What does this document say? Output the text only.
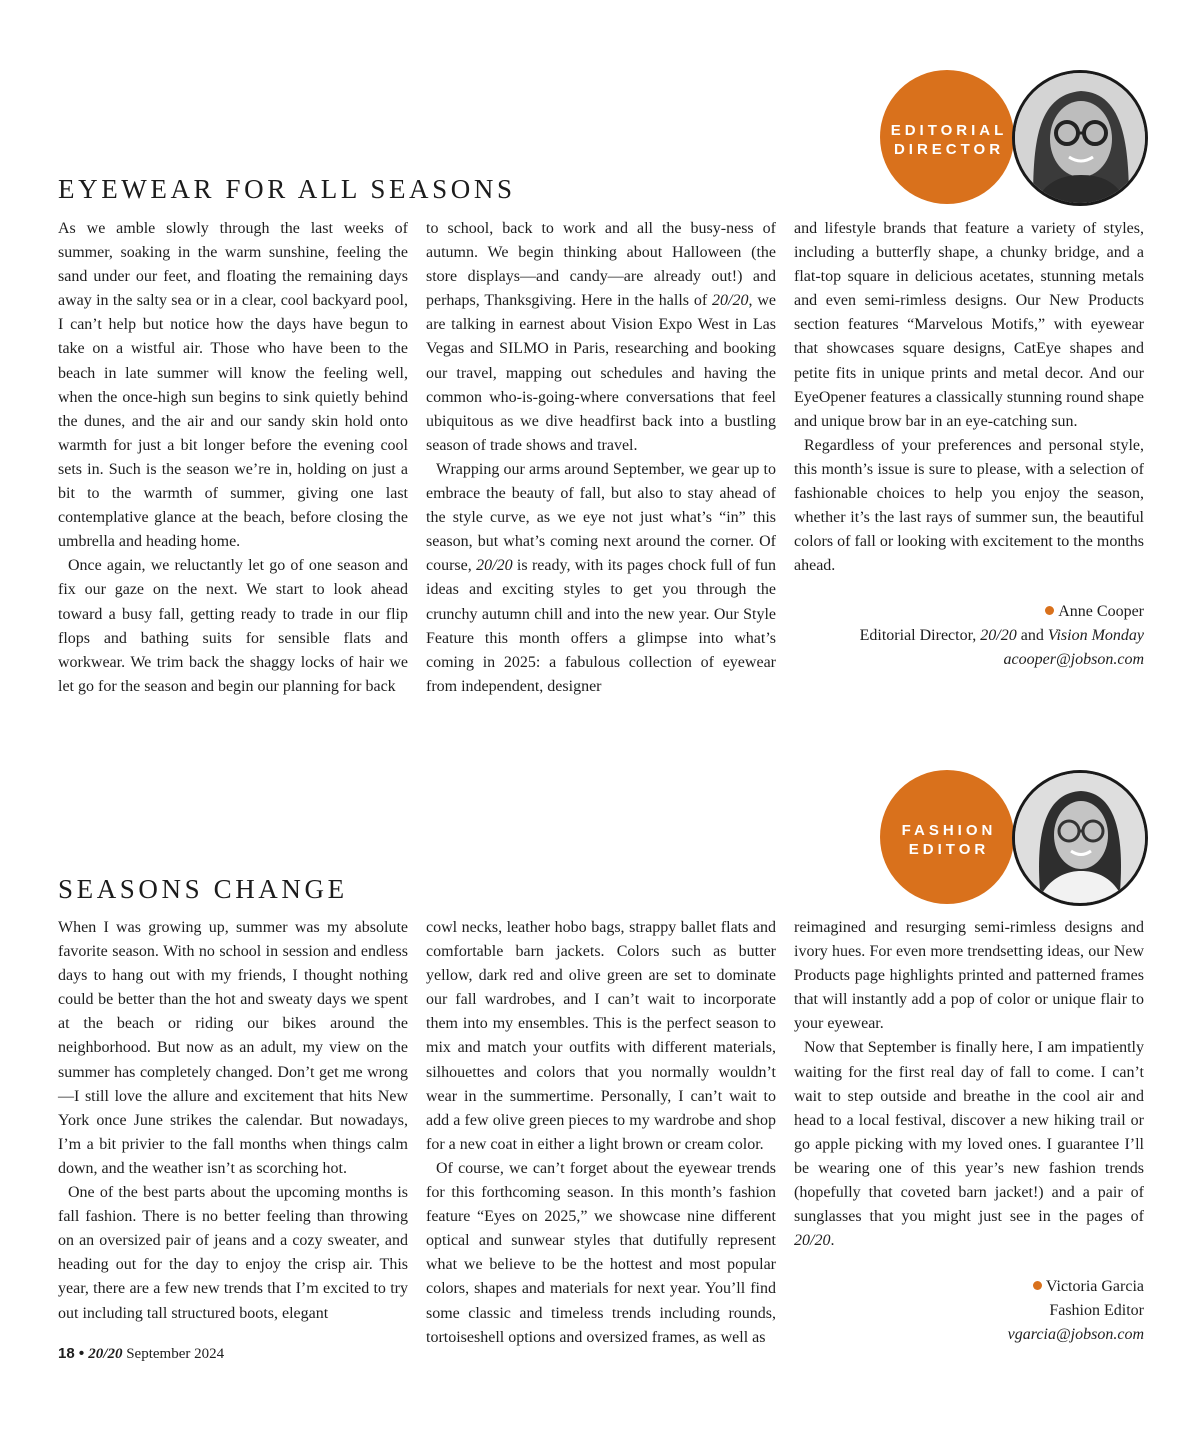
EDITORIAL
DIRECTOR
EYEWEAR FOR ALL SEASONS

As we amble slowly through the last weeks of summer, soaking in the warm sunshine, feeling the sand under our feet, and floating the remaining days away in the salty sea or in a clear, cool backyard pool, I can’t help but notice how the days have begun to take on a wistful air. Those who have been to the beach in late summer will know the feeling well, when the once-high sun begins to sink quietly behind the dunes, and the air and our sandy skin hold onto warmth for just a bit longer before the evening cool sets in. Such is the season we’re in, holding on just a bit to the warmth of summer, giving one last contemplative glance at the beach, before closing the umbrella and heading home.

Once again, we reluctantly let go of one season and fix our gaze on the next. We start to look ahead toward a busy fall, getting ready to trade in our flip flops and bathing suits for sensible flats and workwear. We trim back the shaggy locks of hair we let go for the season and begin our planning for back

to school, back to work and all the busy-ness of autumn. We begin thinking about Halloween (the store displays—and candy—are already out!) and perhaps, Thanksgiving. Here in the halls of 20/20, we are talking in earnest about Vision Expo West in Las Vegas and SILMO in Paris, researching and booking our travel, mapping out schedules and having the common who-is-going-where conversations that feel ubiquitous as we dive headfirst back into a bustling season of trade shows and travel.

Wrapping our arms around September, we gear up to embrace the beauty of fall, but also to stay ahead of the style curve, as we eye not just what’s “in” this season, but what’s coming next around the corner. Of course, 20/20 is ready, with its pages chock full of fun ideas and exciting styles to get you through the crunchy autumn chill and into the new year. Our Style Feature this month offers a glimpse into what’s coming in 2025: a fabulous collection of eyewear from independent, designer

and lifestyle brands that feature a variety of styles, including a butterfly shape, a chunky bridge, and a flat-top square in delicious acetates, stunning metals and even semi-rimless designs. Our New Products section features “Marvelous Motifs,” with eyewear that showcases square designs, CatEye shapes and petite fits in unique prints and metal decor. And our EyeOpener features a classically stunning round shape and unique brow bar in an eye-catching sun.

Regardless of your preferences and personal style, this month’s issue is sure to please, with a selection of fashionable choices to help you enjoy the season, whether it’s the last rays of summer sun, the beautiful colors of fall or looking with excitement to the months ahead.

Anne Cooper
Editorial Director, 20/20 and Vision Monday
acooper@jobson.com
FASHION
EDITOR
SEASONS CHANGE

When I was growing up, summer was my absolute favorite season. With no school in session and endless days to hang out with my friends, I thought nothing could be better than the hot and sweaty days we spent at the beach or riding our bikes around the neighborhood. But now as an adult, my view on the summer has completely changed. Don’t get me wrong—I still love the allure and excitement that hits New York once June strikes the calendar. But nowadays, I’m a bit privier to the fall months when things calm down, and the weather isn’t as scorching hot.

One of the best parts about the upcoming months is fall fashion. There is no better feeling than throwing on an oversized pair of jeans and a cozy sweater, and heading out for the day to enjoy the crisp air. This year, there are a few new trends that I’m excited to try out including tall structured boots, elegant

cowl necks, leather hobo bags, strappy ballet flats and comfortable barn jackets. Colors such as butter yellow, dark red and olive green are set to dominate our fall wardrobes, and I can’t wait to incorporate them into my ensembles. This is the perfect season to mix and match your outfits with different materials, silhouettes and colors that you normally wouldn’t wear in the summertime. Personally, I can’t wait to add a few olive green pieces to my wardrobe and shop for a new coat in either a light brown or cream color.

Of course, we can’t forget about the eyewear trends for this forthcoming season. In this month’s fashion feature “Eyes on 2025,” we showcase nine different optical and sunwear styles that dutifully represent what we believe to be the hottest and most popular colors, shapes and materials for next year. You’ll find some classic and timeless trends including rounds, tortoiseshell options and oversized frames, as well as

reimagined and resurging semi-rimless designs and ivory hues. For even more trendsetting ideas, our New Products page highlights printed and patterned frames that will instantly add a pop of color or unique flair to your eyewear.

Now that September is finally here, I am impatiently waiting for the first real day of fall to come. I can’t wait to step outside and breathe in the cool air and head to a local festival, discover a new hiking trail or go apple picking with my loved ones. I guarantee I’ll be wearing one of this year’s new fashion trends (hopefully that coveted barn jacket!) and a pair of sunglasses that you might just see in the pages of 20/20.

Victoria Garcia
Fashion Editor
vgarcia@jobson.com
18 • 20/20 September 2024
